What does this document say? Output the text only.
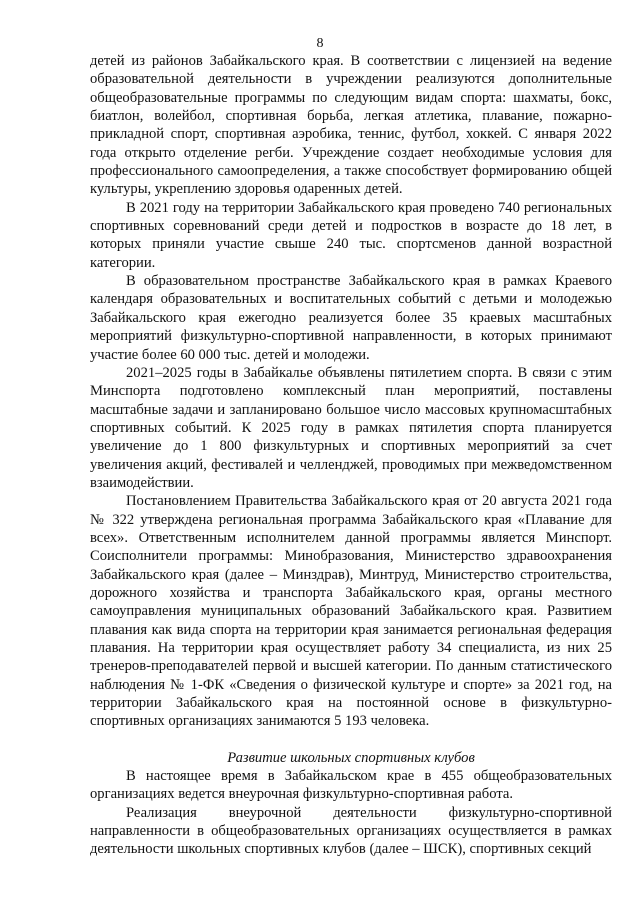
8

детей из районов Забайкальского края. В соответствии с лицензией на ведение образовательной деятельности в учреждении реализуются дополнительные общеобразовательные программы по следующим видам спорта: шахматы, бокс, биатлон, волейбол, спортивная борьба, легкая атлетика, плавание, пожарно-прикладной спорт, спортивная аэробика, теннис, футбол, хоккей. С января 2022 года открыто отделение регби. Учреждение создает необходимые условия для профессионального самоопределения, а также способствует формированию общей культуры, укреплению здоровья одаренных детей.

В 2021 году на территории Забайкальского края проведено 740 региональных спортивных соревнований среди детей и подростков в возрасте до 18 лет, в которых приняли участие свыше 240 тыс. спортсменов данной возрастной категории.

В образовательном пространстве Забайкальского края в рамках Краевого календаря образовательных и воспитательных событий с детьми и молодежью Забайкальского края ежегодно реализуется более 35 краевых масштабных мероприятий физкультурно-спортивной направленности, в которых принимают участие более 60 000 тыс. детей и молодежи.

2021–2025 годы в Забайкалье объявлены пятилетием спорта. В связи с этим Минспорта подготовлено комплексный план мероприятий, поставлены масштабные задачи и запланировано большое число массовых крупномасштабных спортивных событий. К 2025 году в рамках пятилетия спорта планируется увеличение до 1 800 физкультурных и спортивных мероприятий за счет увеличения акций, фестивалей и челленджей, проводимых при межведомственном взаимодействии.

Постановлением Правительства Забайкальского края от 20 августа 2021 года № 322 утверждена региональная программа Забайкальского края «Плавание для всех». Ответственным исполнителем данной программы является Минспорт. Соисполнители программы: Минобразования, Министерство здравоохранения Забайкальского края (далее – Минздрав), Минтруд, Министерство строительства, дорожного хозяйства и транспорта Забайкальского края, органы местного самоуправления муниципальных образований Забайкальского края. Развитием плавания как вида спорта на территории края занимается региональная федерация плавания. На территории края осуществляет работу 34 специалиста, из них 25 тренеров-преподавателей первой и высшей категории. По данным статистического наблюдения № 1-ФК «Сведения о физической культуре и спорте» за 2021 год, на территории Забайкальского края на постоянной основе в физкультурно-спортивных организациях занимаются 5 193 человека.

Развитие школьных спортивных клубов

В настоящее время в Забайкальском крае в 455 общеобразовательных организациях ведется внеурочная физкультурно-спортивная работа.

Реализация внеурочной деятельности физкультурно-спортивной направленности в общеобразовательных организациях осуществляется в рамках деятельности школьных спортивных клубов (далее – ШСК), спортивных секций
